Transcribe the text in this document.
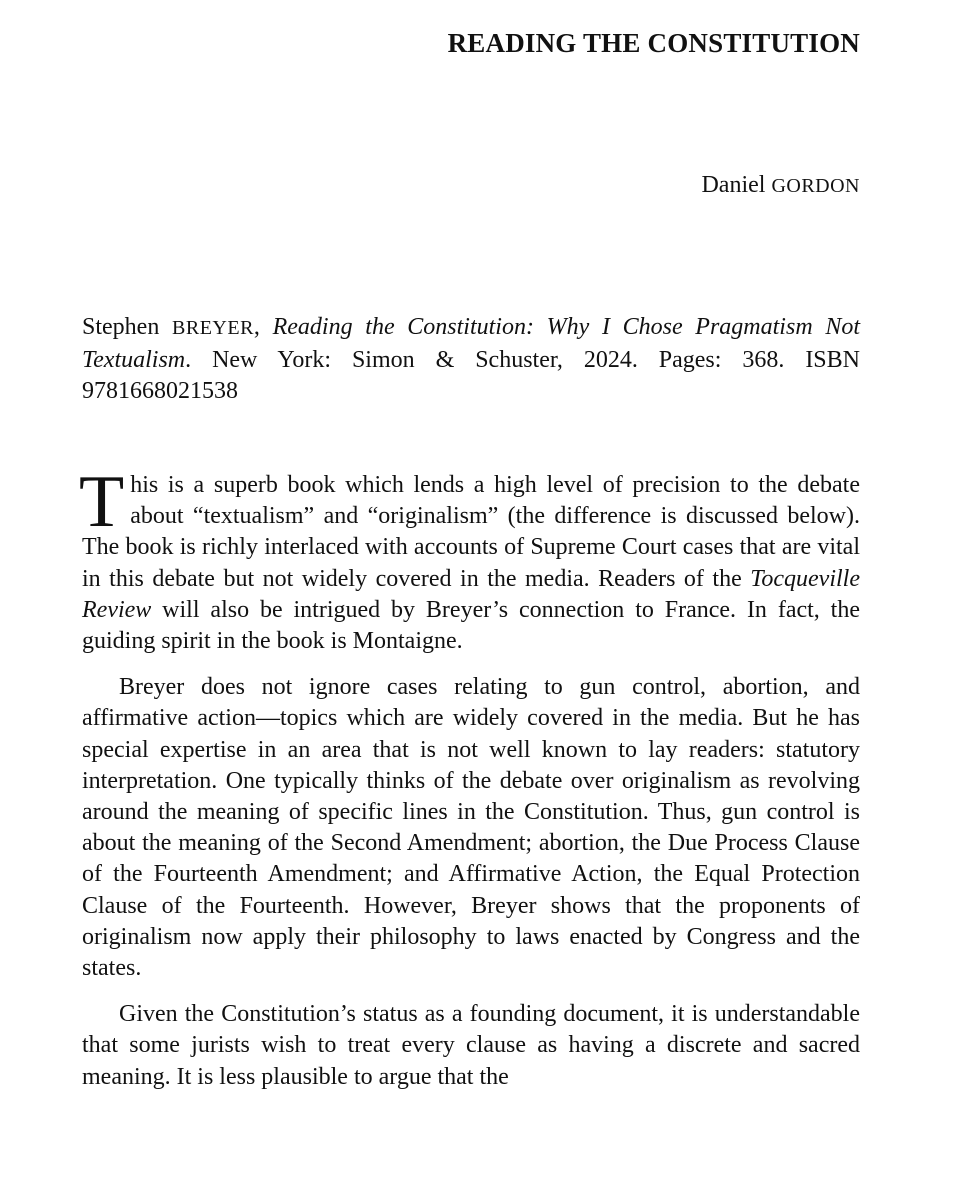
READING THE CONSTITUTION
Daniel GORDON
Stephen BREYER, Reading the Constitution: Why I Chose Pragmatism Not Textualism. New York: Simon & Schuster, 2024. Pages: 368. ISBN 9781668021538

This is a superb book which lends a high level of precision to the debate about “textualism” and “originalism” (the difference is discussed below). The book is richly interlaced with accounts of Supreme Court cases that are vital in this debate but not widely covered in the media. Readers of the Tocqueville Review will also be intrigued by Breyer’s connection to France. In fact, the guiding spirit in the book is Montaigne.

Breyer does not ignore cases relating to gun control, abortion, and affirmative action—topics which are widely covered in the media. But he has special expertise in an area that is not well known to lay readers: statutory interpretation. One typically thinks of the debate over originalism as revolving around the meaning of specific lines in the Constitution. Thus, gun control is about the meaning of the Second Amendment; abortion, the Due Process Clause of the Fourteenth Amendment; and Affirmative Action, the Equal Protection Clause of the Fourteenth. However, Breyer shows that the proponents of originalism now apply their philosophy to laws enacted by Congress and the states.

Given the Constitution’s status as a founding document, it is understandable that some jurists wish to treat every clause as having a discrete and sacred meaning. It is less plausible to argue that the
